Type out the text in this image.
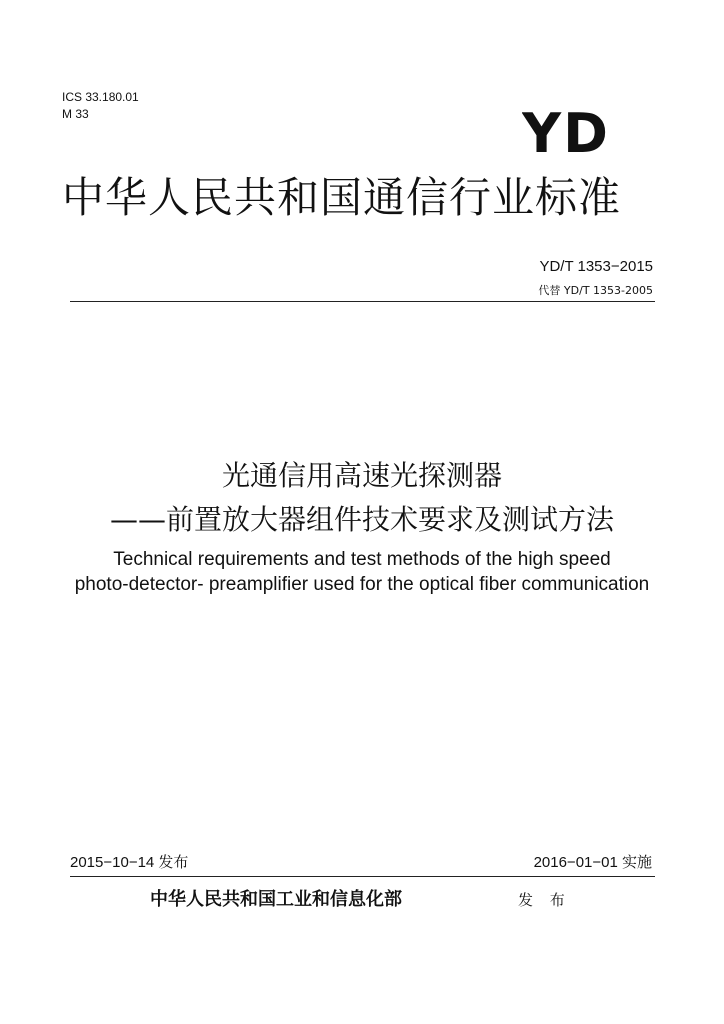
ICS 33.180.01
M 33	YD
中华人民共和国通信行业标准
YD/T 1353−2015
代替 YD/T 1353-2005
光通信用高速光探测器
——前置放大器组件技术要求及测试方法
Technical requirements and test methods of the high speed
photo-detector- preamplifier used for the optical fiber communication
2015−10−14 发布	2016−01−01 实施
中华人民共和国工业和信息化部	发 布
